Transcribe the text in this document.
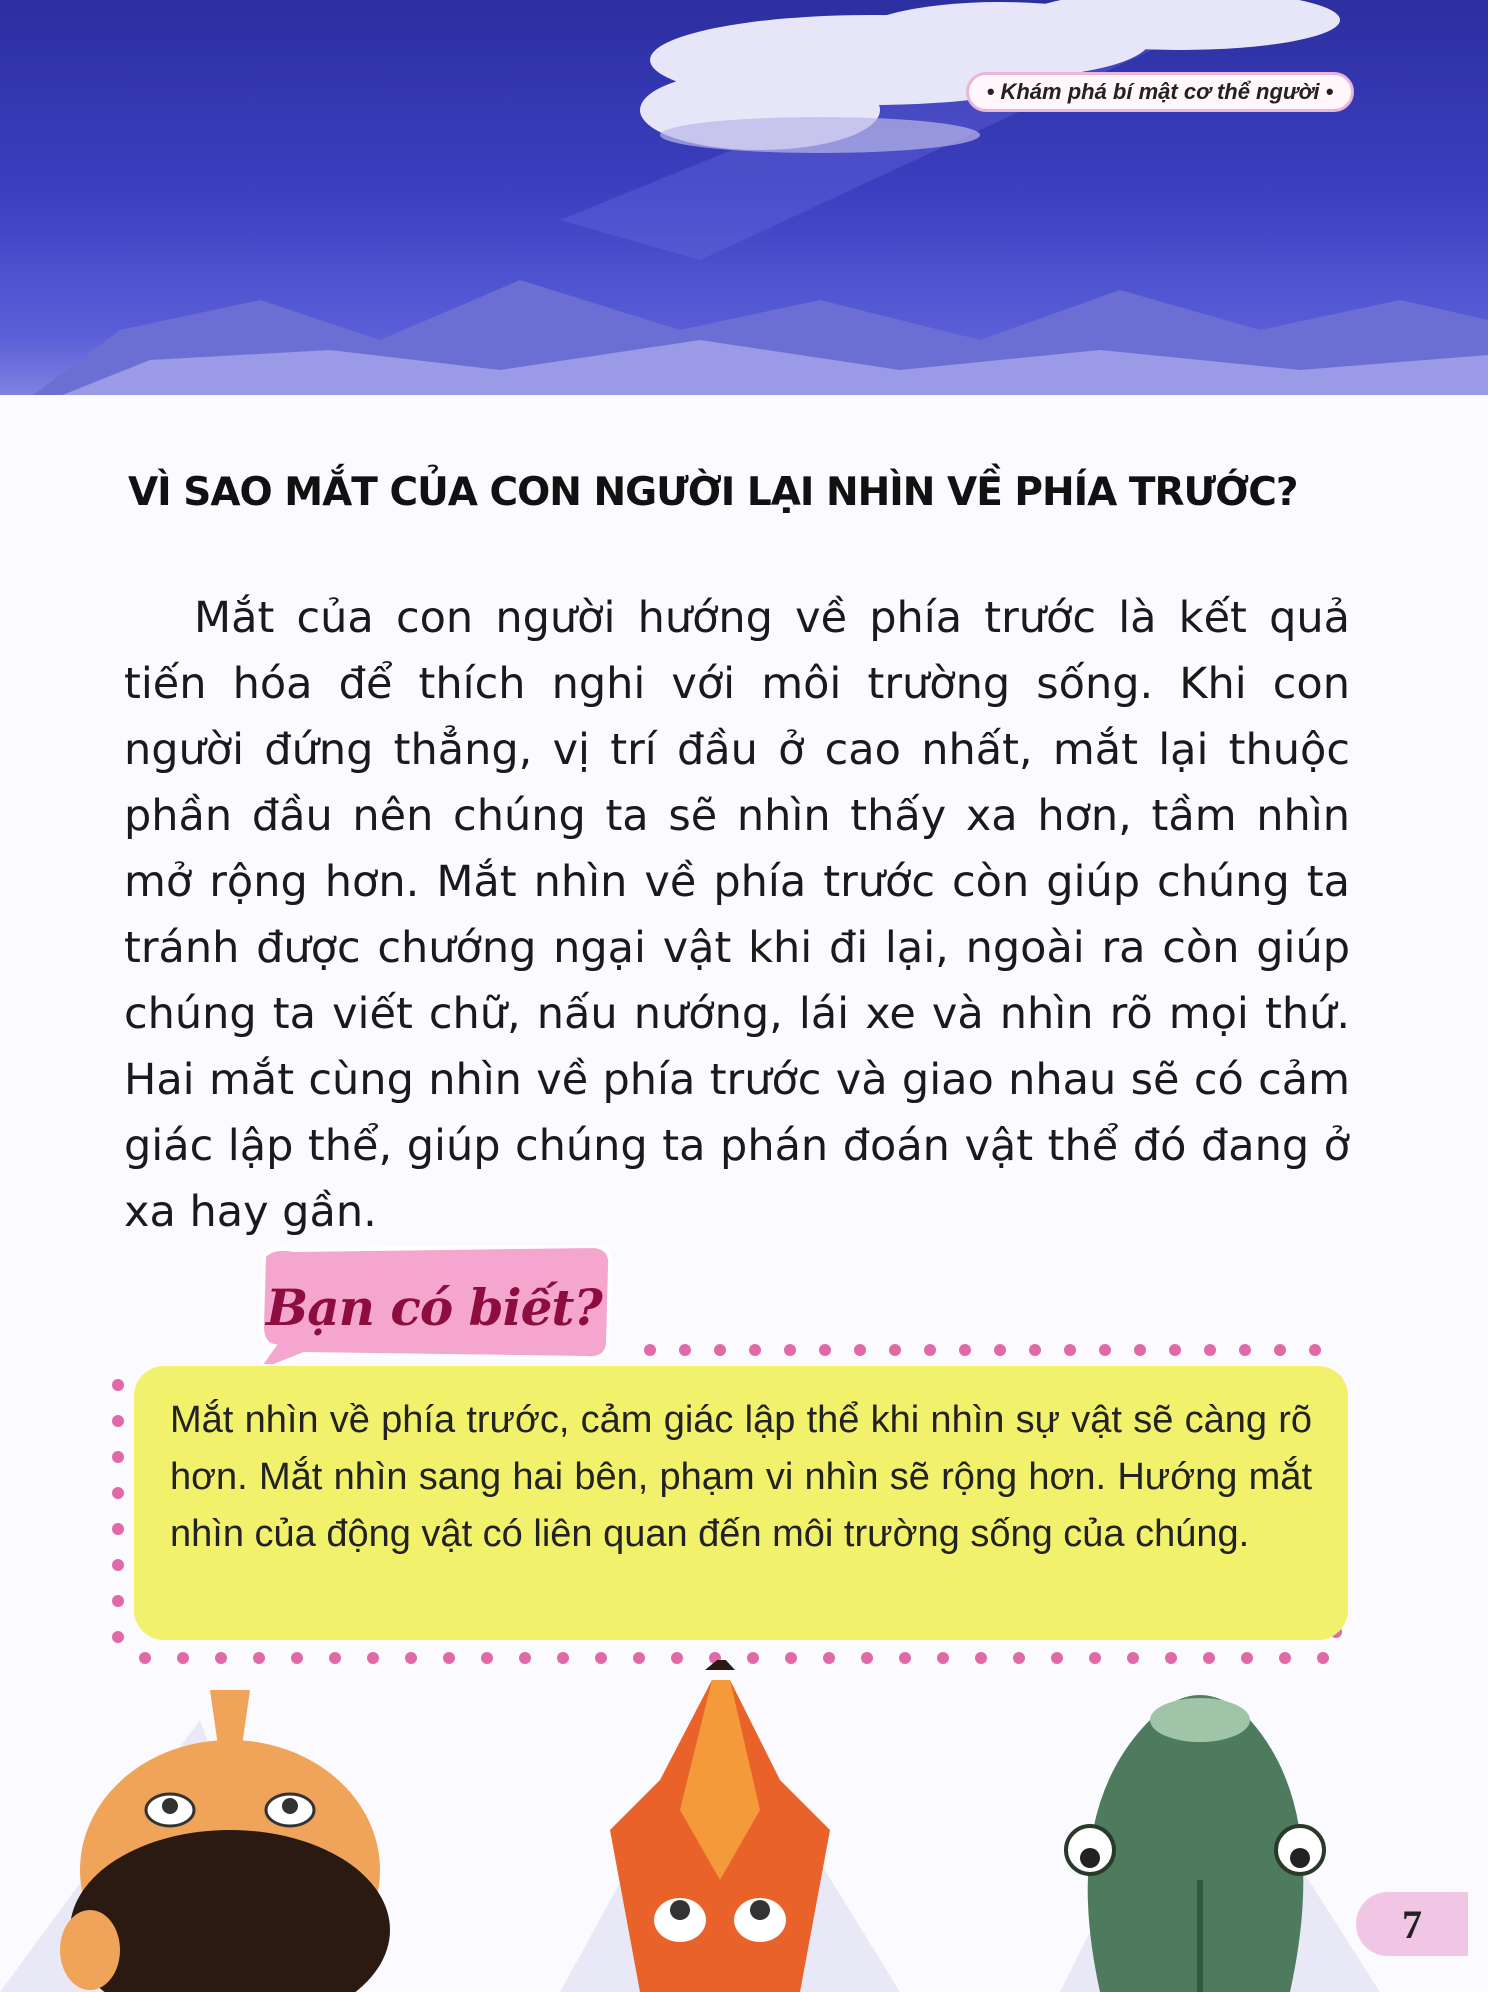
• Khám phá bí mật cơ thể người •
VÌ SAO MẮT CỦA CON NGƯỜI LẠI NHÌN VỀ PHÍA TRƯỚC?

Mắt của con người hướng về phía trước là kết quả tiến hóa để thích nghi với môi trường sống. Khi con người đứng thẳng, vị trí đầu ở cao nhất, mắt lại thuộc phần đầu nên chúng ta sẽ nhìn thấy xa hơn, tầm nhìn mở rộng hơn. Mắt nhìn về phía trước còn giúp chúng ta tránh được chướng ngại vật khi đi lại, ngoài ra còn giúp chúng ta viết chữ, nấu nướng, lái xe và nhìn rõ mọi thứ. Hai mắt cùng nhìn về phía trước và giao nhau sẽ có cảm giác lập thể, giúp chúng ta phán đoán vật thể đó đang ở xa hay gần.

Bạn có biết?

Mắt nhìn về phía trước, cảm giác lập thể khi nhìn sự vật sẽ càng rõ hơn. Mắt nhìn sang hai bên, phạm vi nhìn sẽ rộng hơn. Hướng mắt nhìn của động vật có liên quan đến môi trường sống của chúng.

7
